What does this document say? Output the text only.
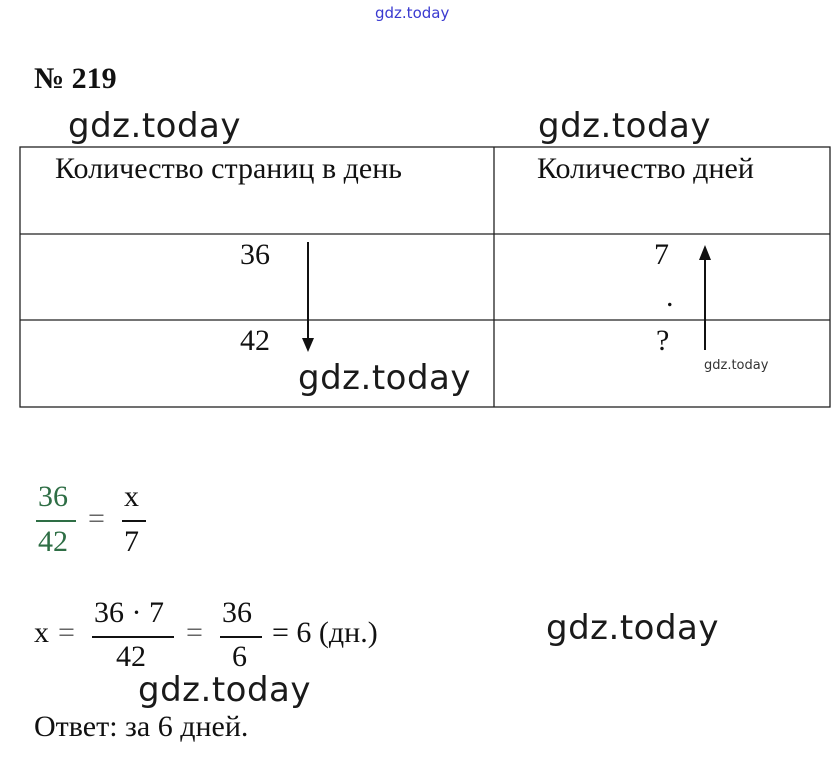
gdz.today
№ 219
gdz.today	gdz.today
Количество страниц в день	Количество дней
36	7
.
42	?
gdz.today	gdz.today
36
42
=
x
7
x =
36 · 7
42
=
36
6
= 6 (дн.)	gdz.today
gdz.today
Ответ: за 6 дней.
